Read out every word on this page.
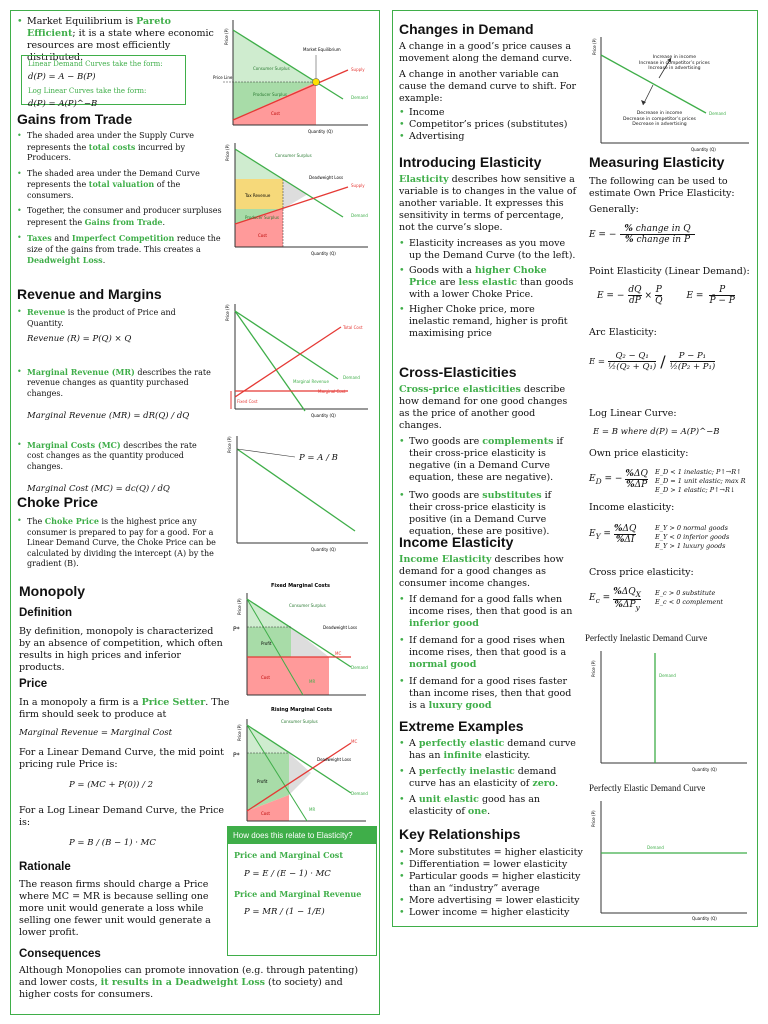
• Market Equilibrium is Pareto Efficient; it is a state where economic resources are most efficiently distributed.
Linear Demand Curves take the form:
d(P) = A − B(P)
Log Linear Curves take the form:
d(P) = A(P)^−B
Price (P)
Quantity (Q)
Supply
Demand
Consumer Surplus
Producer Surplus
Cost
Market Equilibrium
Price Line
Gains from Trade
• The shaded area under the Supply Curve represents the total costs incurred by Producers.
• The shaded area under the Demand Curve represents the total valuation of the consumers.
• Together, the consumer and producer surpluses represent the Gains from Trade.
• Taxes and Imperfect Competition reduce the size of the gains from trade. This creates a Deadweight Loss.
Price (P)
Quantity (Q)
Supply
Demand
Consumer Surplus
Deadweight Loss
Tax Revenue
Producer Surplus
Cost
Revenue and Margins
• Revenue is the product of Price and Quantity.
Revenue (R) = P(Q) × Q
• Marginal Revenue (MR) describes the rate revenue changes as quantity purchased changes.
Marginal Revenue (MR) = dR(Q) / dQ
• Marginal Costs (MC) describes the rate cost changes as the quantity produced changes.
Marginal Cost (MC) = dc(Q) / dQ
Price (P)
Quantity (Q)
Total Cost
Demand
Marginal Cost
Marginal Revenue
Fixed Cost
Price (P)
Quantity (Q)
P = A / B
Choke Price
• The Choke Price is the highest price any consumer is prepared to pay for a good. For a Linear Demand Curve, the Choke Price can be calculated by dividing the intercept (A) by the gradient (B).
Monopoly
Definition
By definition, monopoly is characterized by an absence of competition, which often results in high prices and inferior products.
Price
In a monopoly a firm is a Price Setter. The firm should seek to produce at
Marginal Revenue = Marginal Cost
For a Linear Demand Curve, the mid point pricing rule Price is:
P = (MC + P(0)) / 2
For a Log Linear Demand Curve, the Price is:
P = B / (B − 1) · MC
Rationale
The reason firms should charge a Price where MC = MR is because selling one more unit would generate a loss while selling one fewer unit would generate a lower profit.
Consequences
Although Monopolies can promote innovation (e.g. through patenting) and lower costs, it results in a Deadweight Loss (to society) and higher costs for consumers.
Fixed Marginal Costs
Price (P)
P*
Consumer Surplus
Deadweight Loss
Profit
Cost
MC
Demand
MR
Rising Marginal Costs
Price (P)
P*
Consumer Surplus
Deadweight Loss
Profit
Cost
MC
Demand
MR
How does this relate to Elasticity?
Price and Marginal Cost
P = E / (E − 1) · MC
Price and Marginal Revenue
P = MR / (1 − 1/E)
Changes in Demand
A change in a good’s price causes a movement along the demand curve.
A change in another variable can cause the demand curve to shift. For example:
• Income
• Competitor’s prices (substitutes)
• Advertising
Price (P)
Quantity (Q)
Demand
Increase in income
Increase in competitor’s prices
Increase in advertising
Decrease in income
Decrease in competitor’s prices
Decrease in advertising
Introducing Elasticity
Elasticity describes how sensitive a variable is to changes in the value of another variable. It expresses this sensitivity in terms of percentage, not the curve’s slope.
• Elasticity increases as you move up the Demand Curve (to the left).
• Goods with a higher Choke Price are less elastic than goods with a lower Choke Price.
• Higher Choke price, more inelastic remand, higher is profit maximising price
Cross-Elasticities
Cross-price elasticities describe how demand for one good changes as the price of another good changes.
• Two goods are complements if their cross-price elasticity is negative (in a Demand Curve equation, these are negative).
• Two goods are substitutes if their cross-price elasticity is positive (in a Demand Curve equation, these are positive).
Income Elasticity
Income Elasticity describes how demand for a good changes as consumer income changes.
• If demand for a good falls when income rises, then that good is an inferior good
• If demand for a good rises when income rises, then that good is a normal good
• If demand for a good rises faster than income rises, then that good is a luxury good
Extreme Examples
• A perfectly elastic demand curve has an infinite elasticity.
• A perfectly inelastic demand curve has an elasticity of zero.
• A unit elastic good has an elasticity of one.
Key Relationships
• More substitutes = higher elasticity
• Differentiation = lower elasticity
• Particular goods = higher elasticity than an “industry” average
• More advertising = lower elasticity
• Lower income = higher elasticity
Measuring Elasticity
The following can be used to estimate Own Price Elasticity:
Generally:
E = −	% change in Q
% change in P
Point Elasticity (Linear Demand):
E = −	dQ	×	P	E =	P
	dP		Q		P̄ − P
Arc Elasticity:
E =	Q₂ − Q₁	/	P − P₁
	½(Q₂ + Q₁)		½(P₂ + P₁)
Log Linear Curve:
E = B where d(P) = A(P)^−B
Own price elasticity:
$E_D$ = −	%ΔQ
%ΔP
E_D < 1 inelastic; P↑→R↑
E_D = 1 unit elastic; max R
E_D > 1 elastic; P↑→R↓
Income elasticity:
$E_Y$ =	%ΔQ
%ΔI
E_Y > 0 normal goods
E_Y < 0 inferior goods
E_Y > 1 luxury goods
Cross price elasticity:
$E_c$ =	$\%\Delta Q_X$
$\%\Delta P_y$
E_c > 0 substitute
E_c < 0 complement
Perfectly Inelastic Demand Curve
Price (P)
Quantity (Q)
Demand
Perfectly Elastic Demand Curve
Price (P)
Quantity (Q)
Demand
